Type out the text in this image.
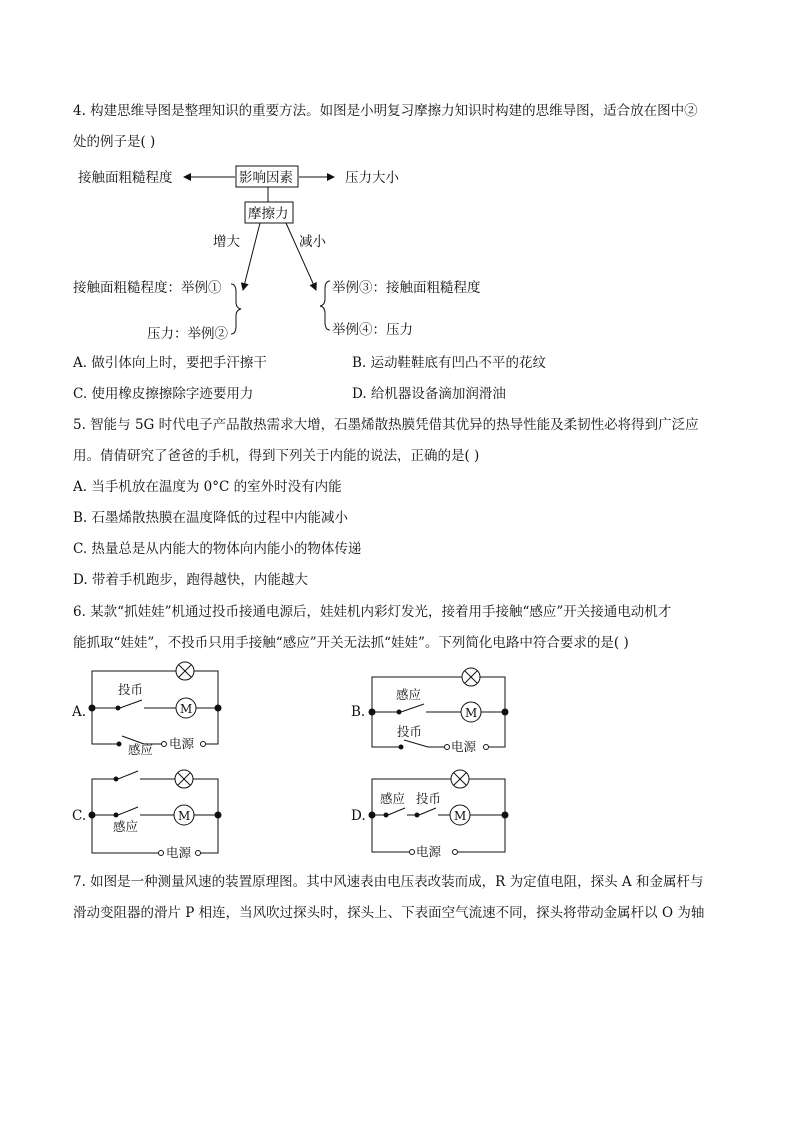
4. 构建思维导图是整理知识的重要方法。如图是小明复习摩擦力知识时构建的思维导图，适合放在图中②
处的例子是( )
接触面粗糙程度	影响因素	压力大小
摩擦力
增大	减小
接触面粗糙程度：举例①
压力：举例②
举例③：接触面粗糙程度
举例④：压力
A.
电源
M
投币
感应
B.
电源
M
感应
投币
C.
电源
M
感应
D.
电源
M
感应 投币
A. 做引体向上时，要把手汗擦干	B. 运动鞋鞋底有凹凸不平的花纹
C. 使用橡皮擦擦除字迹要用力	D. 给机器设备滴加润滑油
5. 智能与 5G 时代电子产品散热需求大增，石墨烯散热膜凭借其优异的热导性能及柔韧性必将得到广泛应
用。倩倩研究了爸爸的手机，得到下列关于内能的说法，正确的是( )
A. 当手机放在温度为 0°C 的室外时没有内能
B. 石墨烯散热膜在温度降低的过程中内能减小
C. 热量总是从内能大的物体向内能小的物体传递
D. 带着手机跑步，跑得越快，内能越大
6. 某款“抓娃娃”机通过投币接通电源后，娃娃机内彩灯发光，接着用手接触“感应”开关接通电动机才
能抓取“娃娃”，不投币只用手接触“感应”开关无法抓“娃娃”。下列简化电路中符合要求的是( )
7. 如图是一种测量风速的装置原理图。其中风速表由电压表改装而成，R 为定值电阻，探头 A 和金属杆与
滑动变阻器的滑片 P 相连，当风吹过探头时，探头上、下表面空气流速不同，探头将带动金属杆以 O 为轴
